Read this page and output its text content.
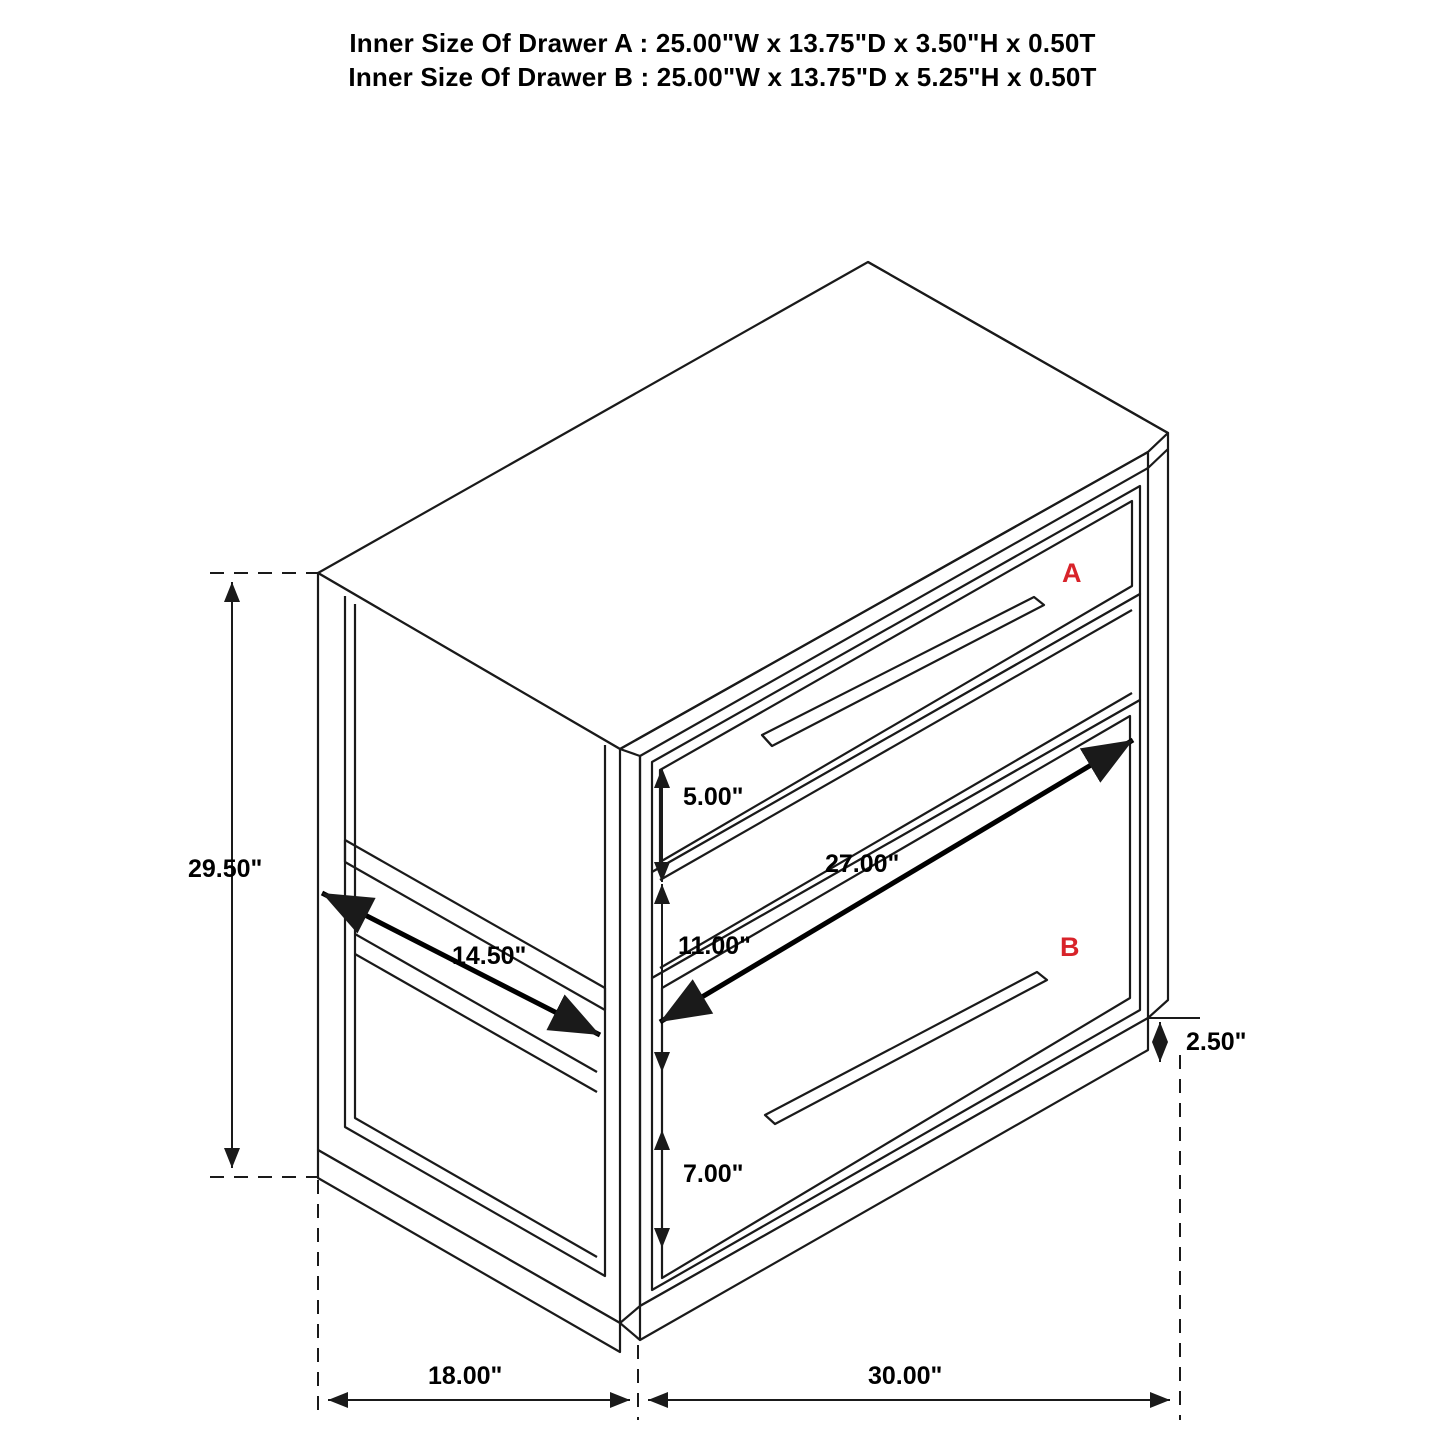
Inner Size Of Drawer A : 25.00"W x 13.75"D x 3.50"H x 0.50T
Inner Size Of Drawer B : 25.00"W x 13.75"D x 5.25"H x 0.50T
29.50"
18.00"	30.00"
5.00"
11.00"
7.00"
2.50"
14.50"
27.00"
A
B
